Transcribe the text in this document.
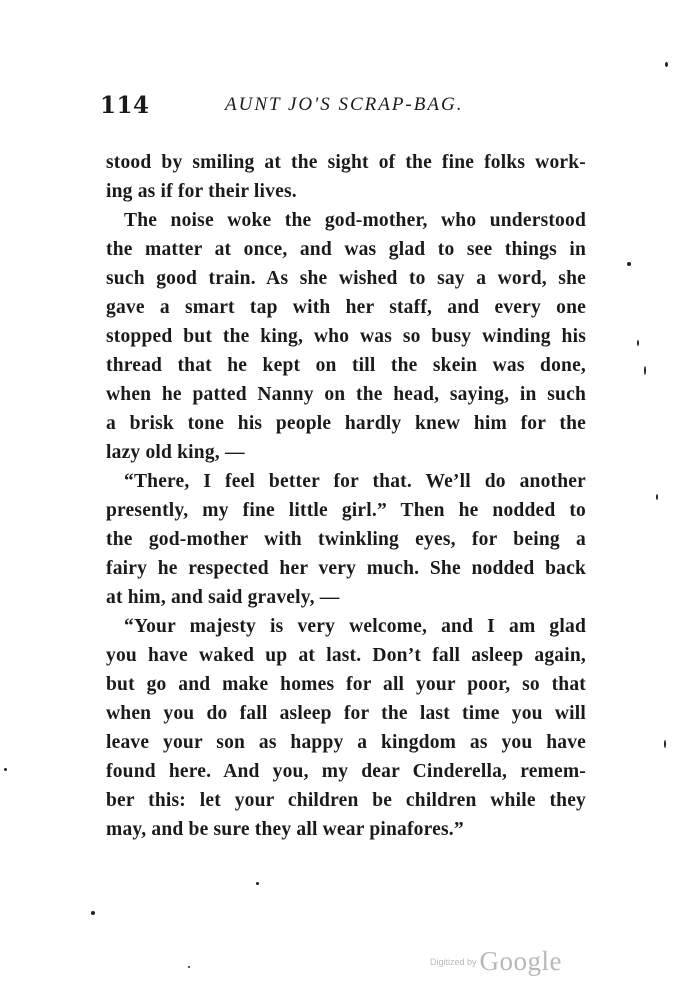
114	AUNT JO'S SCRAP-BAG.
stood by smiling at the sight of the fine folks work-
ing as if for their lives.
The noise woke the god-mother, who understood
the matter at once, and was glad to see things in
such good train. As she wished to say a word, she
gave a smart tap with her staff, and every one
stopped but the king, who was so busy winding his
thread that he kept on till the skein was done,
when he patted Nanny on the head, saying, in such
a brisk tone his people hardly knew him for the
lazy old king, —
“There, I feel better for that. We’ll do another
presently, my fine little girl.” Then he nodded to
the god-mother with twinkling eyes, for being a
fairy he respected her very much. She nodded back
at him, and said gravely, —
“Your majesty is very welcome, and I am glad
you have waked up at last. Don’t fall asleep again,
but go and make homes for all your poor, so that
when you do fall asleep for the last time you will
leave your son as happy a kingdom as you have
found here. And you, my dear Cinderella, remem-
ber this: let your children be children while they
may, and be sure they all wear pinafores.”
Digitized by Google
